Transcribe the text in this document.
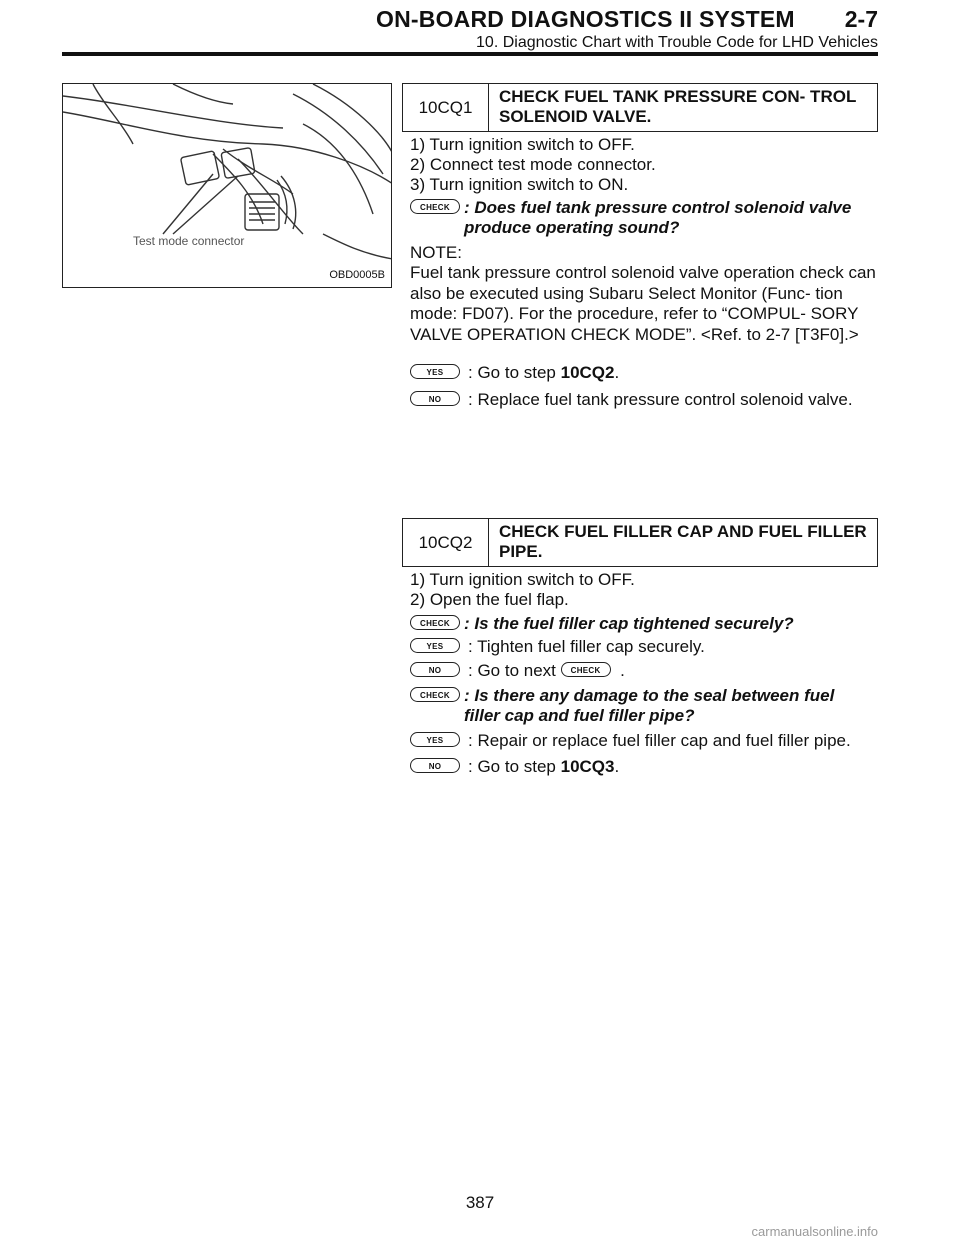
ON-BOARD DIAGNOSTICS II SYSTEM 2-7
10. Diagnostic Chart with Trouble Code for LHD Vehicles
Test mode connector
OBD0005B
10CQ1
CHECK FUEL TANK PRESSURE CON- TROL SOLENOID VALVE.
1) Turn ignition switch to OFF.
2) Connect test mode connector.
3) Turn ignition switch to ON.
CHECK : Does fuel tank pressure control solenoid valve produce operating sound?
NOTE:
Fuel tank pressure control solenoid valve operation check can also be executed using Subaru Select Monitor (Func- tion mode: FD07). For the procedure, refer to “COMPUL- SORY VALVE OPERATION CHECK MODE”. <Ref. to 2-7 [T3F0].>
YES : Go to step 10CQ2.
NO : Replace fuel tank pressure control solenoid valve.
10CQ2
CHECK FUEL FILLER CAP AND FUEL FILLER PIPE.
1) Turn ignition switch to OFF.
2) Open the fuel flap.
CHECK : Is the fuel filler cap tightened securely?
YES : Tighten fuel filler cap securely.
NO : Go to next CHECK .
CHECK : Is there any damage to the seal between fuel filler cap and fuel filler pipe?
YES : Repair or replace fuel filler cap and fuel filler pipe.
NO : Go to step 10CQ3.
387
carmanualsonline.info
